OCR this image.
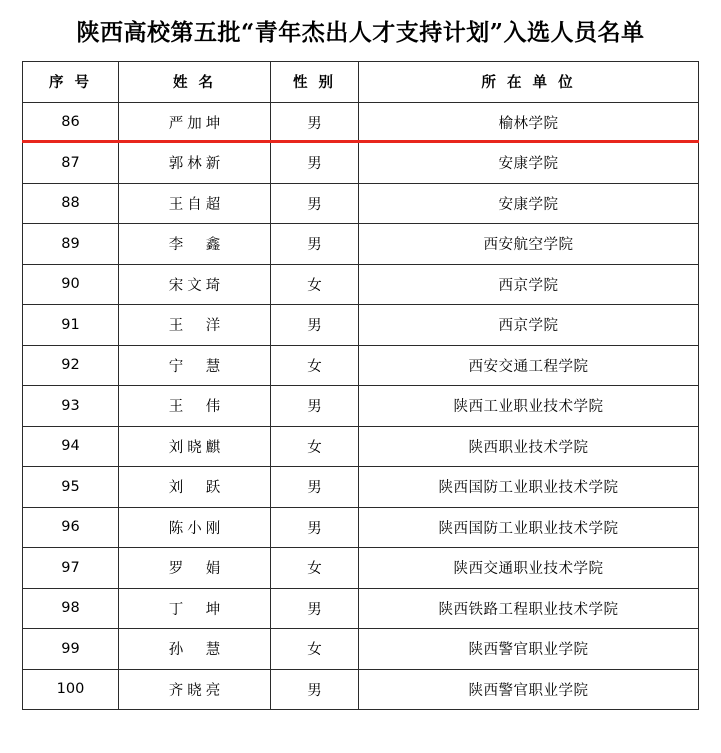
陕西高校第五批“青年杰出人才支持计划”入选人员名单
序 号	姓 名	性 别	所 在 单 位
86	严加坤	男	榆林学院
87	郭林新	男	安康学院
88	王自超	男	安康学院
89	李　鑫	男	西安航空学院
90	宋文琦	女	西京学院
91	王　洋	男	西京学院
92	宁　慧	女	西安交通工程学院
93	王　伟	男	陕西工业职业技术学院
94	刘晓麒	女	陕西职业技术学院
95	刘　跃	男	陕西国防工业职业技术学院
96	陈小刚	男	陕西国防工业职业技术学院
97	罗　娟	女	陕西交通职业技术学院
98	丁　坤	男	陕西铁路工程职业技术学院
99	孙　慧	女	陕西警官职业学院
100	齐晓亮	男	陕西警官职业学院
